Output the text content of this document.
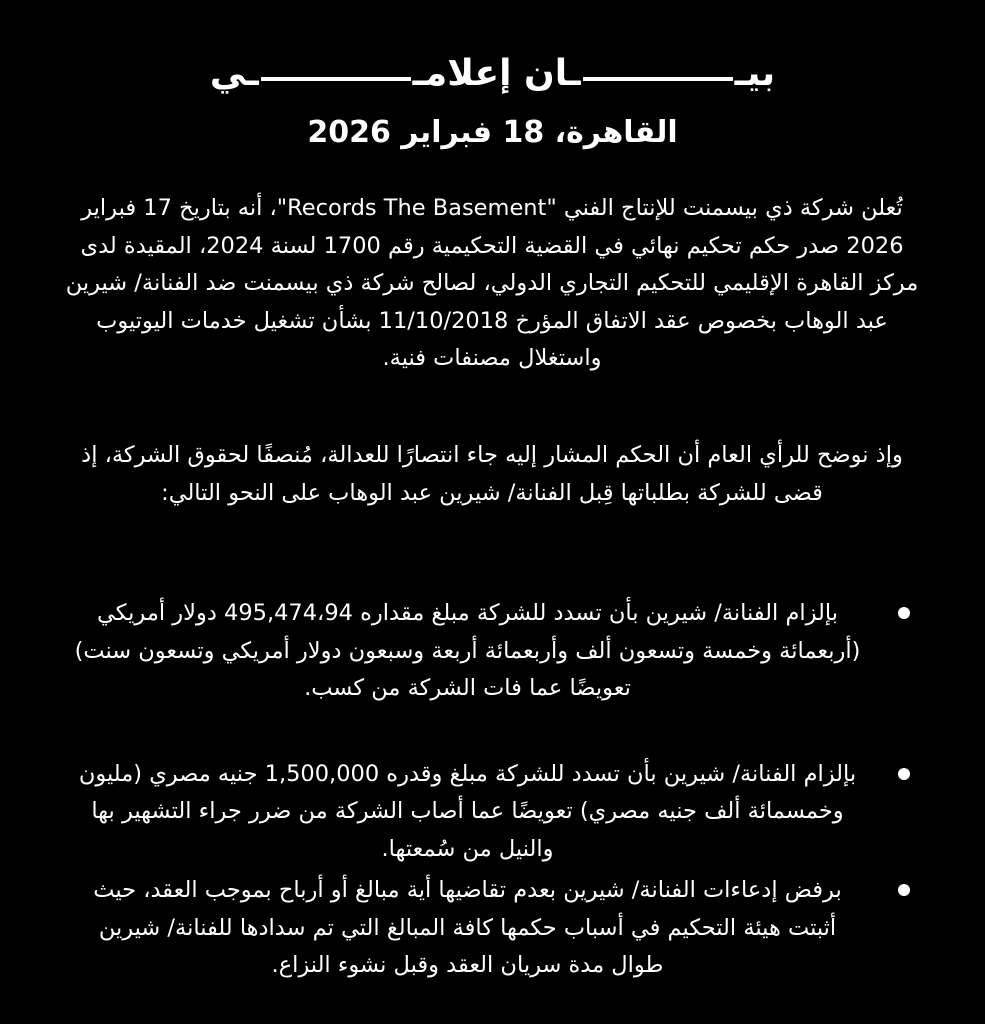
بيــان إعلامــي
القاهرة، 18 فبراير 2026

تُعلن شركة ذي بيسمنت للإنتاج الفني "Records The Basement"، أنه بتاريخ 17 فبراير 2026 صدر حكم تحكيم نهائي في القضية التحكيمية رقم 1700 لسنة 2024، المقيدة لدى مركز القاهرة الإقليمي للتحكيم التجاري الدولي، لصالح شركة ذي بيسمنت ضد الفنانة/ شيرين عبد الوهاب بخصوص عقد الاتفاق المؤرخ 11/10/2018 بشأن تشغيل خدمات اليوتيوب واستغلال مصنفات فنية.

وإذ نوضح للرأي العام أن الحكم المشار إليه جاء انتصارًا للعدالة، مُنصفًا لحقوق الشركة، إذ قضى للشركة بطلباتها قِبل الفنانة/ شيرين عبد الوهاب على النحو التالي:

بإلزام الفنانة/ شيرين بأن تسدد للشركة مبلغ مقداره 495,474،94 دولار أمريكي (أربعمائة وخمسة وتسعون ألف وأربعمائة أربعة وسبعون دولار أمريكي وتسعون سنت) تعويضًا عما فات الشركة من كسب.
بإلزام الفنانة/ شيرين بأن تسدد للشركة مبلغ وقدره 1,500,000 جنيه مصري (مليون وخمسمائة ألف جنيه مصري) تعويضًا عما أصاب الشركة من ضرر جراء التشهير بها والنيل من سُمعتها.
برفض إدعاءات الفنانة/ شيرين بعدم تقاضيها أية مبالغ أو أرباح بموجب العقد، حيث أثبتت هيئة التحكيم في أسباب حكمها كافة المبالغ التي تم سدادها للفنانة/ شيرين طوال مدة سريان العقد وقبل نشوء النزاع.
